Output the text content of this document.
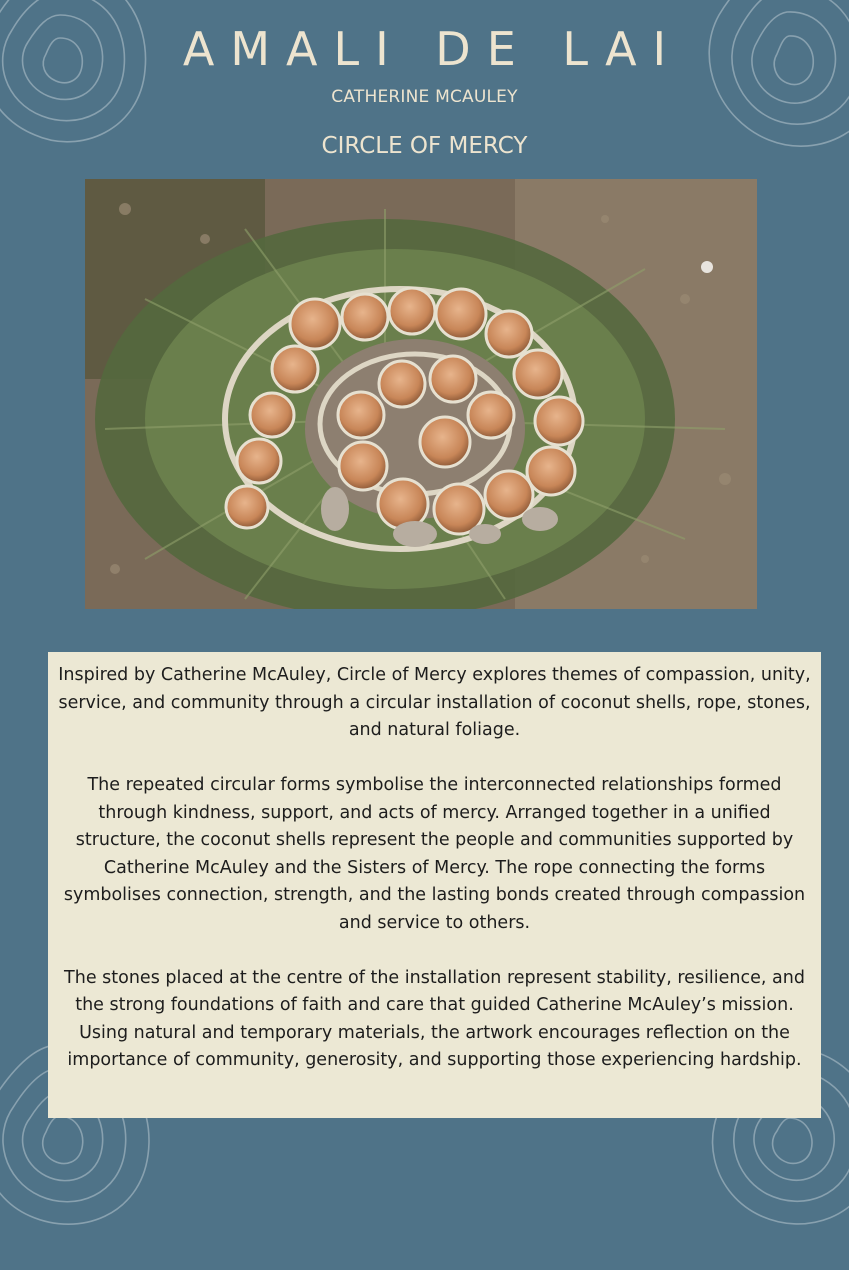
AMALI DE LAI
CATHERINE MCAULEY
CIRCLE OF MERCY

Inspired by Catherine McAuley, Circle of Mercy explores themes of compassion, unity, service, and community through a circular installation of coconut shells, rope, stones, and natural foliage.

The repeated circular forms symbolise the interconnected relationships formed through kindness, support, and acts of mercy. Arranged together in a unified structure, the coconut shells represent the people and communities supported by Catherine McAuley and the Sisters of Mercy. The rope connecting the forms symbolises connection, strength, and the lasting bonds created through compassion and service to others.

The stones placed at the centre of the installation represent stability, resilience, and the strong foundations of faith and care that guided Catherine McAuley’s mission. Using natural and temporary materials, the artwork encourages reflection on the importance of community, generosity, and supporting those experiencing hardship.
